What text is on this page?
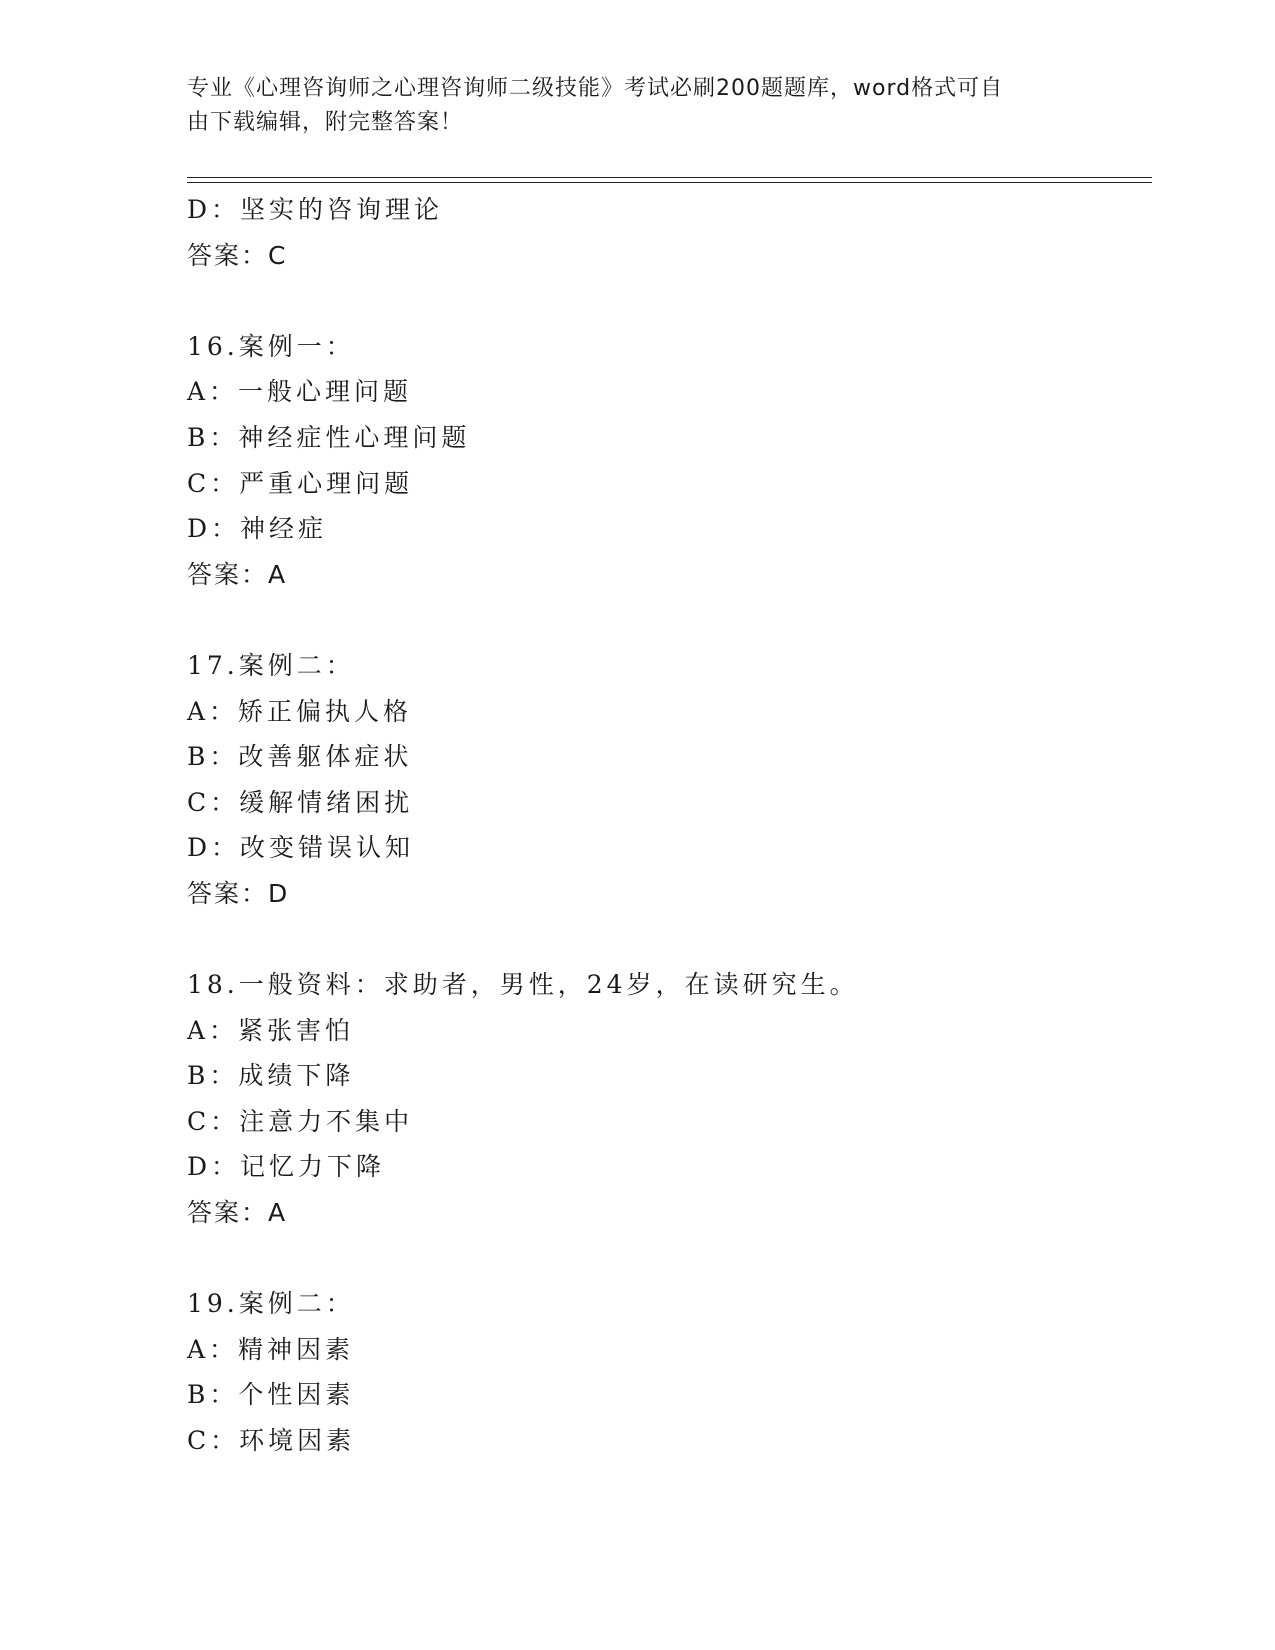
专业《心理咨询师之心理咨询师二级技能》考试必刷200题题库，word格式可自
由下载编辑，附完整答案！
D：坚实的咨询理论
答案：C
16.案例一：
A：一般心理问题
B：神经症性心理问题
C：严重心理问题
D：神经症
答案：A
17.案例二：
A：矫正偏执人格
B：改善躯体症状
C：缓解情绪困扰
D：改变错误认知
答案：D
18.一般资料：求助者，男性，24岁，在读研究生。
A：紧张害怕
B：成绩下降
C：注意力不集中
D：记忆力下降
答案：A
19.案例二：
A：精神因素
B：个性因素
C：环境因素
